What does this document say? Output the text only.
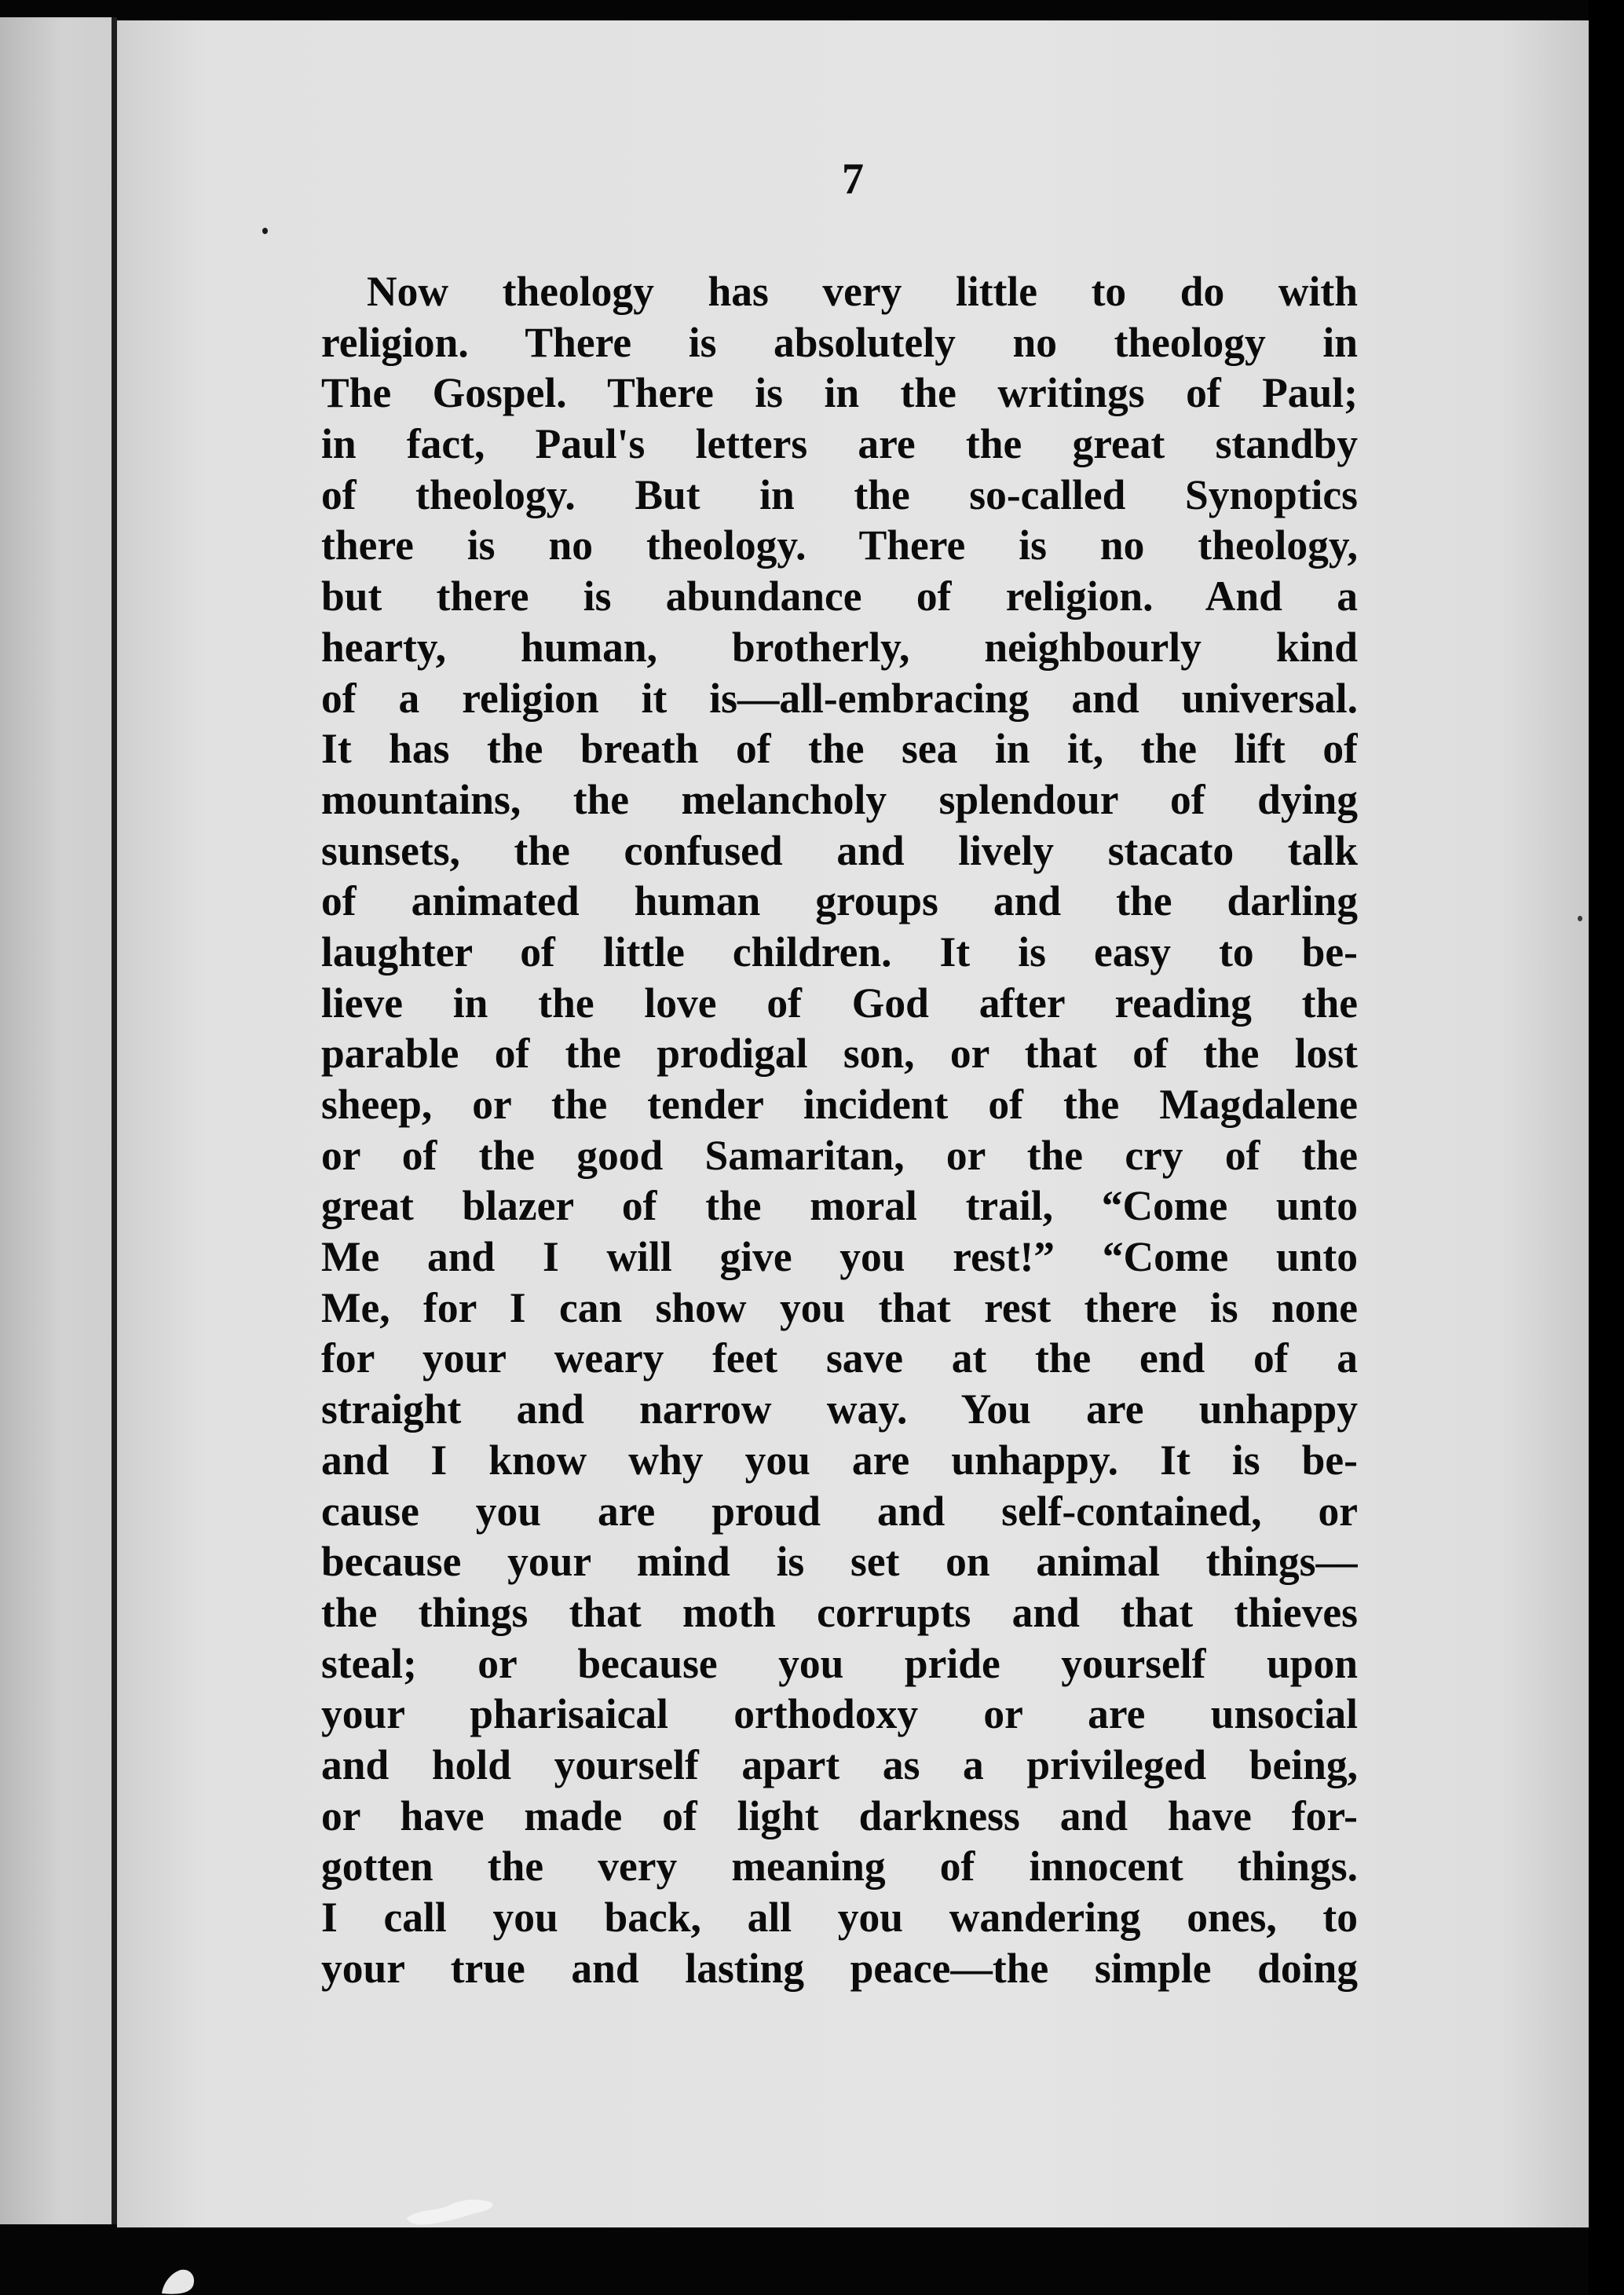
7
Now theology has very little to do with
religion. There is absolutely no theology in
The Gospel. There is in the writings of Paul;
in fact, Paul's letters are the great standby
of theology. But in the so-called Synoptics
there is no theology. There is no theology,
but there is abundance of religion. And a
hearty, human, brotherly, neighbourly kind
of a religion it is—all-embracing and universal.
It has the breath of the sea in it, the lift of
mountains, the melancholy splendour of dying
sunsets, the confused and lively stacato talk
of animated human groups and the darling
laughter of little children. It is easy to be-
lieve in the love of God after reading the
parable of the prodigal son, or that of the lost
sheep, or the tender incident of the Magdalene
or of the good Samaritan, or the cry of the
great blazer of the moral trail, “Come unto
Me and I will give you rest!” “Come unto
Me, for I can show you that rest there is none
for your weary feet save at the end of a
straight and narrow way. You are unhappy
and I know why you are unhappy. It is be-
cause you are proud and self-contained, or
because your mind is set on animal things—
the things that moth corrupts and that thieves
steal; or because you pride yourself upon
your pharisaical orthodoxy or are unsocial
and hold yourself apart as a privileged being,
or have made of light darkness and have for-
gotten the very meaning of innocent things.
I call you back, all you wandering ones, to
your true and lasting peace—the simple doing
